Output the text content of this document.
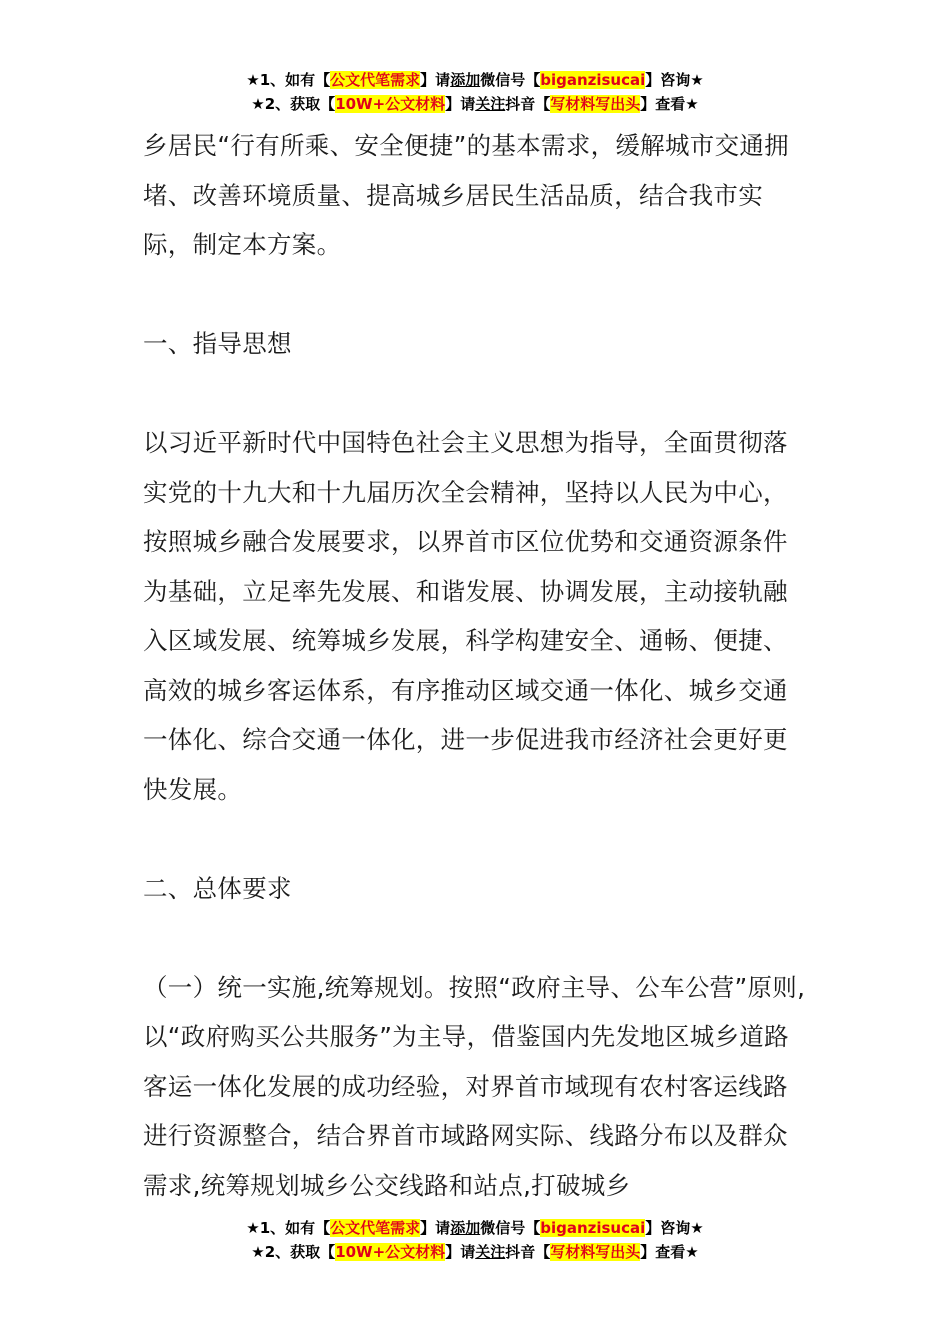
★1、如有【公文代笔需求】请添加微信号【biganzisucai】咨询★
★2、获取【10W+公文材料】请关注抖音【写材料写出头】查看★

乡居民“行有所乘、安全便捷”的基本需求，缓解城市交通拥堵、改善环境质量、提高城乡居民生活品质，结合我市实际，制定本方案。

一、指导思想

以习近平新时代中国特色社会主义思想为指导，全面贯彻落实党的十九大和十九届历次全会精神，坚持以人民为中心，按照城乡融合发展要求，以界首市区位优势和交通资源条件为基础，立足率先发展、和谐发展、协调发展，主动接轨融入区域发展、统筹城乡发展，科学构建安全、通畅、便捷、高效的城乡客运体系，有序推动区域交通一体化、城乡交通一体化、综合交通一体化，进一步促进我市经济社会更好更快发展。

二、总体要求

（一）统一实施,统筹规划。按照“政府主导、公车公营”原则,以“政府购买公共服务”为主导，借鉴国内先发地区城乡道路客运一体化发展的成功经验，对界首市域现有农村客运线路进行资源整合，结合界首市域路网实际、线路分布以及群众需求,统筹规划城乡公交线路和站点,打破城乡

★1、如有【公文代笔需求】请添加微信号【biganzisucai】咨询★
★2、获取【10W+公文材料】请关注抖音【写材料写出头】查看★
